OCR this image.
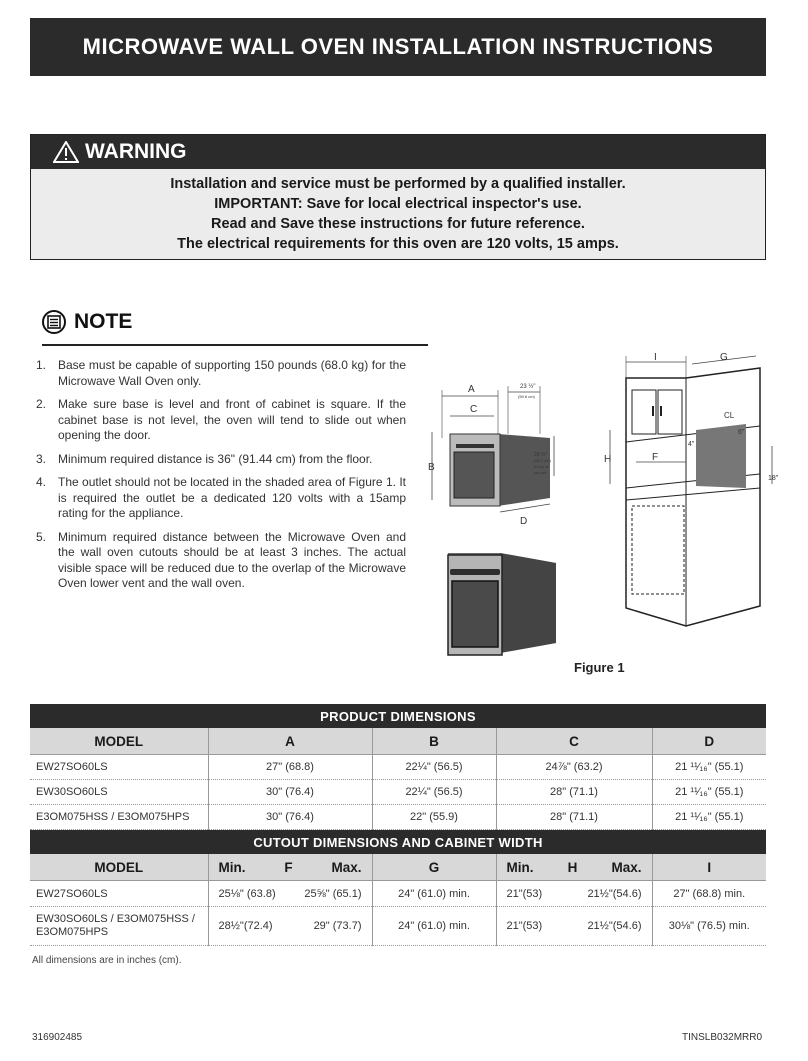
MICROWAVE WALL OVEN INSTALLATION INSTRUCTIONS
WARNING
Installation and service must be performed by a qualified installer.
IMPORTANT: Save for local electrical inspector's use.
Read and Save these instructions for future reference.
The electrical requirements for this oven are 120 volts, 15 amps.
NOTE
1. Base must be capable of supporting 150 pounds (68.0 kg) for the Microwave Wall Oven only.
2. Make sure base is level and front of cabinet is square. If the cabinet base is not level, the oven will tend to slide out when opening the door.
3. Minimum required distance is 36" (91.44 cm) from the floor.
4. The outlet should not be located in the shaded area of Figure 1. It is required the outlet be a dedicated 120 volts with a 15amp rating for the appliance.
5. Minimum required distance between the Microwave Oven and the wall oven cutouts should be at least 3 inches. The actual visible space will be reduced due to the overlap of the Microwave Oven lower vent and the wall oven.
A
C
23 ½"
(59.6 cm)
B
20 ½"
(52.1 cm)
to top of
cut-out
D
I	G
H	F
CL
6"
4"
18"
Figure 1
PRODUCT DIMENSIONS				
MODEL	A	B	C	D
EW27SO60LS	27" (68.8)	22¼" (56.5)	24⅞" (63.2)	21 ¹¹⁄₁₆" (55.1)
EW30SO60LS	30" (76.4)	22¼" (56.5)	28" (71.1)	21 ¹¹⁄₁₆" (55.1)
E3OM075HSS / E3OM075HPS	30" (76.4)	22" (55.9)	28" (71.1)	21 ¹¹⁄₁₆" (55.1)
CUTOUT DIMENSIONS AND CABINET WIDTH				
MODEL	Min. F Max.	G	Min. H Max.	I
EW27SO60LS	25⅛" (63.8) 25⅝" (65.1)	24" (61.0) min.	21"(53) 21½"(54.6)	27" (68.8) min.
EW30SO60LS / E3OM075HSS / E3OM075HPS	28½"(72.4) 29" (73.7)	24" (61.0) min.	21"(53) 21½"(54.6)	30⅛" (76.5) min.
All dimensions are in inches (cm).
316902485	TINSLB032MRR0
